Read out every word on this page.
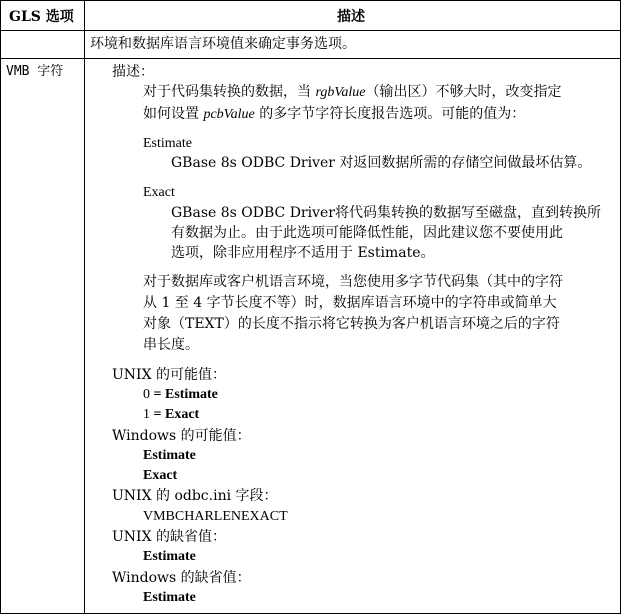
GLS 选项	描述
环境和数据库语言环境值来确定事务选项。
VMB 字符	描述：
对于代码集转换的数据，当 rgbValue（输出区）不够大时，改变指定
如何设置 pcbValue 的多字节字符长度报告选项。可能的值为：
Estimate
GBase 8s ODBC Driver 对返回数据所需的存储空间做最坏估算。
Exact
GBase 8s ODBC Driver将代码集转换的数据写至磁盘，直到转换所
有数据为止。由于此选项可能降低性能，因此建议您不要使用此
选项，除非应用程序不适用于 Estimate。
对于数据库或客户机语言环境，当您使用多字节代码集（其中的字符
从 1 至 4 字节长度不等）时，数据库语言环境中的字符串或简单大
对象（TEXT）的长度不指示将它转换为客户机语言环境之后的字符
串长度。
UNIX 的可能值：
0 = Estimate
1 = Exact
Windows 的可能值：
Estimate
Exact
UNIX 的 odbc.ini 字段：
VMBCHARLENEXACT
UNIX 的缺省值：
Estimate
Windows 的缺省值：
Estimate
